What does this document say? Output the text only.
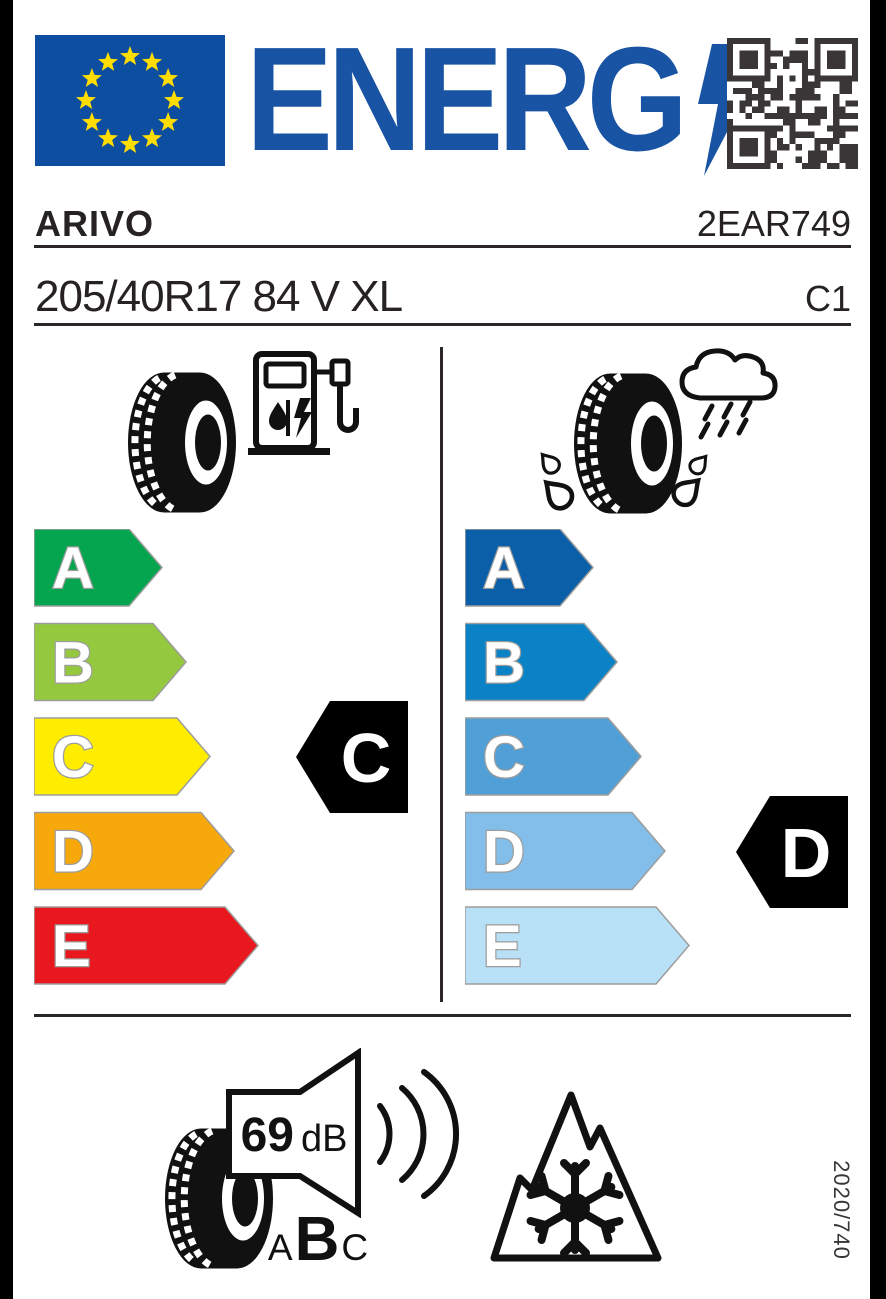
ENERG
ARIVO	2EAR749
205/40R17 84 V XL	C1
A
B
C
D
E
A
B
C
D
E
C
D
69 dB
A B C	2020/740
